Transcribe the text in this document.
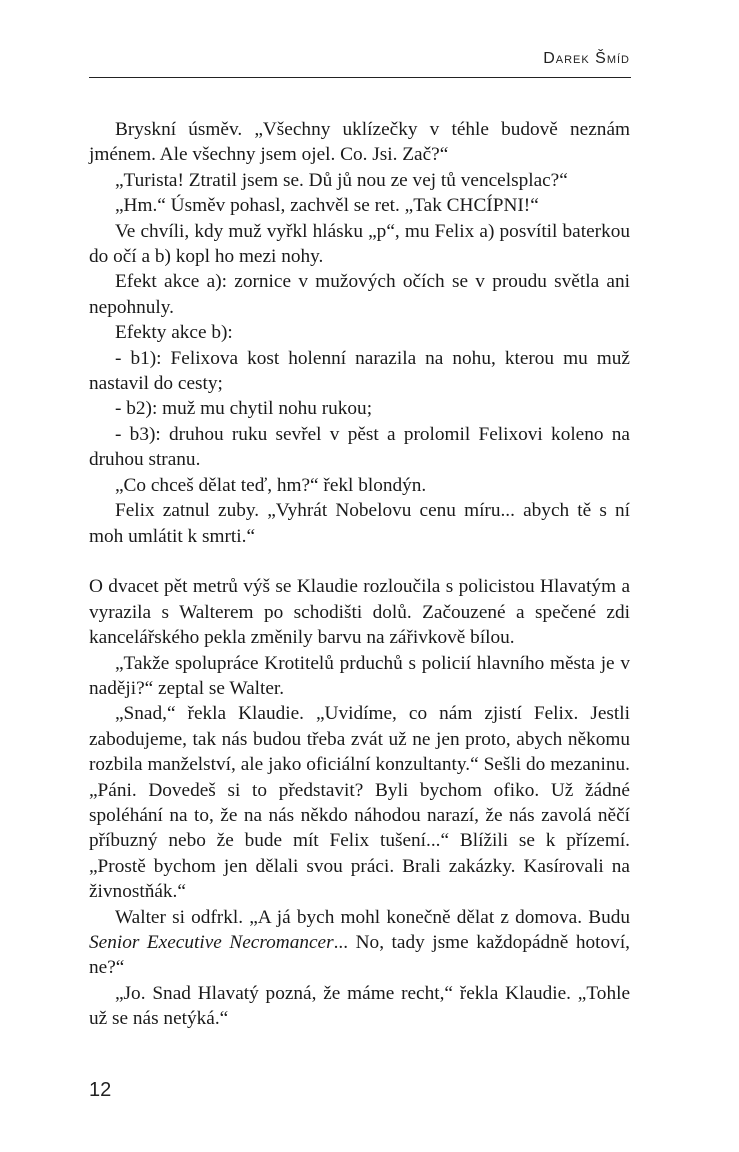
Darek Šmíd

Bryskní úsměv. „Všechny uklízečky v téhle budově neznám jménem. Ale všechny jsem ojel. Co. Jsi. Zač?“

„Turista! Ztratil jsem se. Dů jů nou ze vej tů vencelsplac?“

„Hm.“ Úsměv pohasl, zachvěl se ret. „Tak CHCÍPNI!“

Ve chvíli, kdy muž vyřkl hlásku „p“, mu Felix a) posvítil baterkou do očí a b) kopl ho mezi nohy.

Efekt akce a): zornice v mužových očích se v proudu světla ani nepohnuly.

Efekty akce b):

- b1): Felixova kost holenní narazila na nohu, kterou mu muž nastavil do cesty;

- b2): muž mu chytil nohu rukou;

- b3): druhou ruku sevřel v pěst a prolomil Felixovi koleno na druhou stranu.

„Co chceš dělat teď, hm?“ řekl blondýn.

Felix zatnul zuby. „Vyhrát Nobelovu cenu míru... abych tě s ní moh umlátit k smrti.“

O dvacet pět metrů výš se Klaudie rozloučila s policistou Hlavatým a vyrazila s Walterem po schodišti dolů. Začouzené a spečené zdi kancelářského pekla změnily barvu na zářivkově bílou.

„Takže spolupráce Krotitelů prduchů s policií hlavního města je v naději?“ zeptal se Walter.

„Snad,“ řekla Klaudie. „Uvidíme, co nám zjistí Felix. Jestli zabodujeme, tak nás budou třeba zvát už ne jen proto, abych někomu rozbila manželství, ale jako oficiální konzultanty.“ Sešli do mezaninu. „Páni. Dovedeš si to představit? Byli bychom ofiko. Už žádné spoléhání na to, že na nás někdo náhodou narazí, že nás zavolá něčí příbuzný nebo že bude mít Felix tušení...“ Blížili se k přízemí. „Prostě bychom jen dělali svou práci. Brali zakázky. Kasírovali na živnostňák.“

Walter si odfrkl. „A já bych mohl konečně dělat z domova. Budu Senior Executive Necromancer... No, tady jsme každopádně hotoví, ne?“

„Jo. Snad Hlavatý pozná, že máme recht,“ řekla Klaudie. „Tohle už se nás netýká.“

12
